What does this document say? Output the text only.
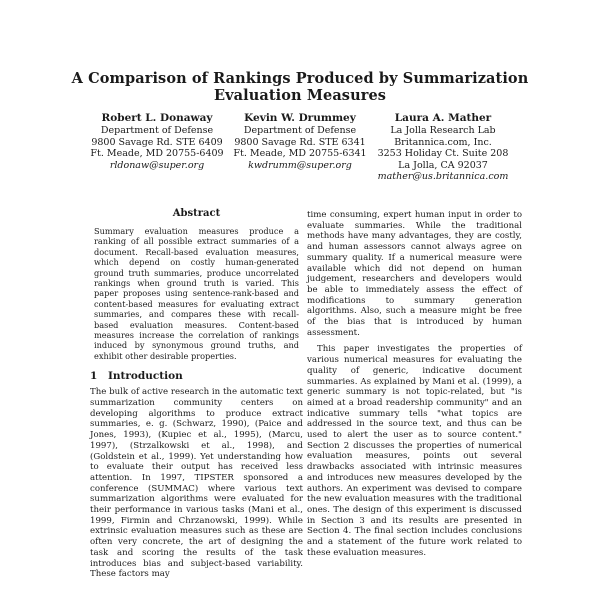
A Comparison of Rankings Produced by Summarization
Evaluation Measures
Robert L. Donaway
Department of Defense
9800 Savage Rd. STE 6409
Ft. Meade, MD 20755-6409
rldonaw@super.org
Kevin W. Drummey
Department of Defense
9800 Savage Rd. STE 6341
Ft. Meade, MD 20755-6341
kwdrumm@super.org
Laura A. Mather
La Jolla Research Lab
Britannica.com, Inc.
3253 Holiday Ct. Suite 208
La Jolla, CA 92037
mather@us.britannica.com
Abstract

Summary evaluation measures produce a ranking of all possible extract summaries of a document. Recall-based evaluation measures, which depend on costly human-generated ground truth summaries, produce uncorrelated rankings when ground truth is varied. This paper proposes using sentence-rank-based and content-based measures for evaluating extract summaries, and compares these with recall-based evaluation measures. Content-based measures increase the correlation of rankings induced by synonymous ground truths, and exhibit other desirable properties.

1 Introduction

The bulk of active research in the automatic text summarization community centers on developing algorithms to produce extract summaries, e. g. (Schwarz, 1990), (Paice and Jones, 1993), (Kupiec et al., 1995), (Marcu, 1997), (Strzalkowski et al., 1998), and (Goldstein et al., 1999). Yet understanding how to evaluate their output has received less attention. In 1997, TIPSTER sponsored a conference (SUMMAC) where various text summarization algorithms were evaluated for their performance in various tasks (Mani et al., 1999, Firmin and Chrzanowski, 1999). While extrinsic evaluation measures such as these are often very concrete, the art of designing the task and scoring the results of the task introduces bias and subject-based variability. These factors may

time consuming, expert human input in order to evaluate summaries. While the traditional methods have many advantages, they are costly, and human assessors cannot always agree on summary quality. If a numerical measure were available which did not depend on human judgement, researchers and developers would be able to immediately assess the effect of modifications to summary generation algorithms. Also, such a measure might be free of the bias that is introduced by human assessment.

This paper investigates the properties of various numerical measures for evaluating the quality of generic, indicative document summaries. As explained by Mani et al. (1999), a generic summary is not topic-related, but "is aimed at a broad readership community" and an indicative summary tells "what topics are addressed in the source text, and thus can be used to alert the user as to source content." Section 2 discusses the properties of numerical evaluation measures, points out several drawbacks associated with intrinsic measures and introduces new measures developed by the authors. An experiment was devised to compare the new evaluation measures with the traditional ones. The design of this experiment is discussed in Section 3 and its results are presented in Section 4. The final section includes conclusions and a statement of the future work related to these evaluation measures.
